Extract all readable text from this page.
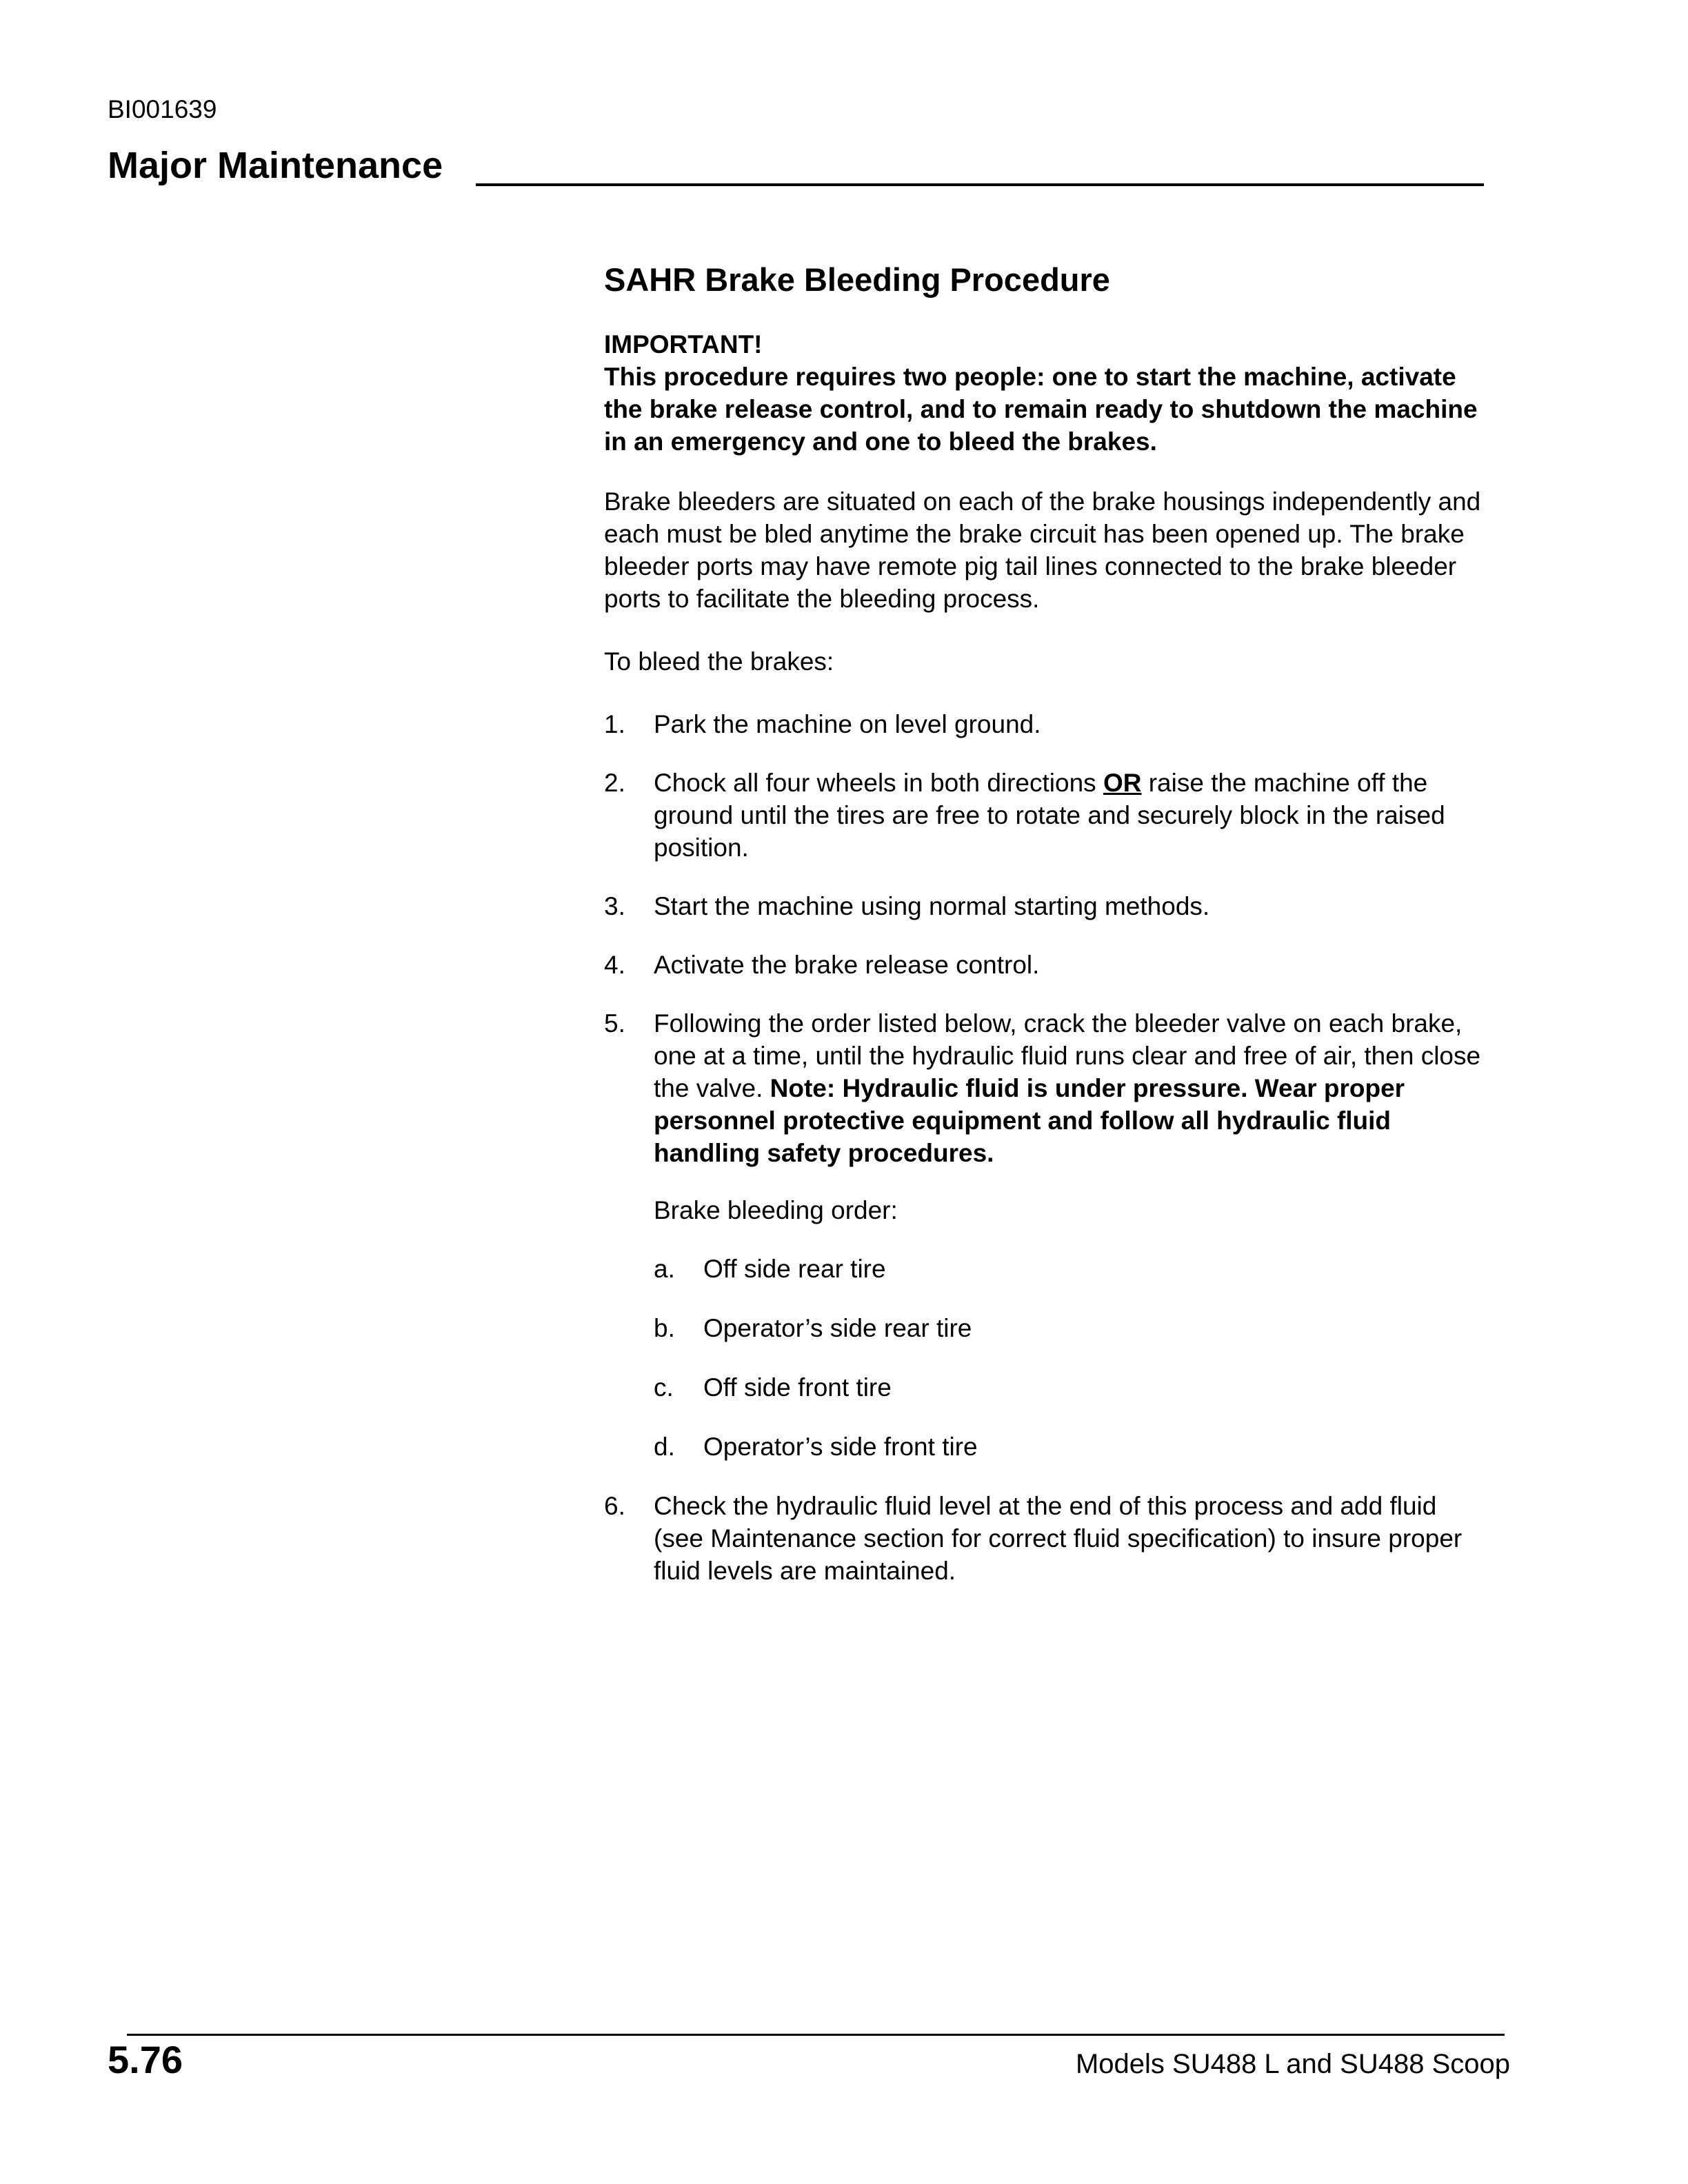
BI001639
Major Maintenance
SAHR Brake Bleeding Procedure
IMPORTANT!
This procedure requires two people: one to start the machine, activate the brake release control, and to remain ready to shutdown the machine in an emergency and one to bleed the brakes.

Brake bleeders are situated on each of the brake housings independently and each must be bled anytime the brake circuit has been opened up. The brake bleeder ports may have remote pig tail lines connected to the brake bleeder ports to facilitate the bleeding process.

To bleed the brakes:

1. Park the machine on level ground.
2. Chock all four wheels in both directions OR raise the machine off the ground until the tires are free to rotate and securely block in the raised position.
3. Start the machine using normal starting methods.
4. Activate the brake release control.
5. Following the order listed below, crack the bleeder valve on each brake, one at a time, until the hydraulic fluid runs clear and free of air, then close the valve. Note: Hydraulic fluid is under pressure. Wear proper personnel protective equipment and follow all hydraulic fluid handling safety procedures.
Brake bleeding order:
a. Off side rear tire
b. Operator’s side rear tire
c. Off side front tire
d. Operator’s side front tire
6. Check the hydraulic fluid level at the end of this process and add fluid (see Maintenance section for correct fluid specification) to insure proper fluid levels are maintained.
5.76	Models SU488 L and SU488 Scoop
